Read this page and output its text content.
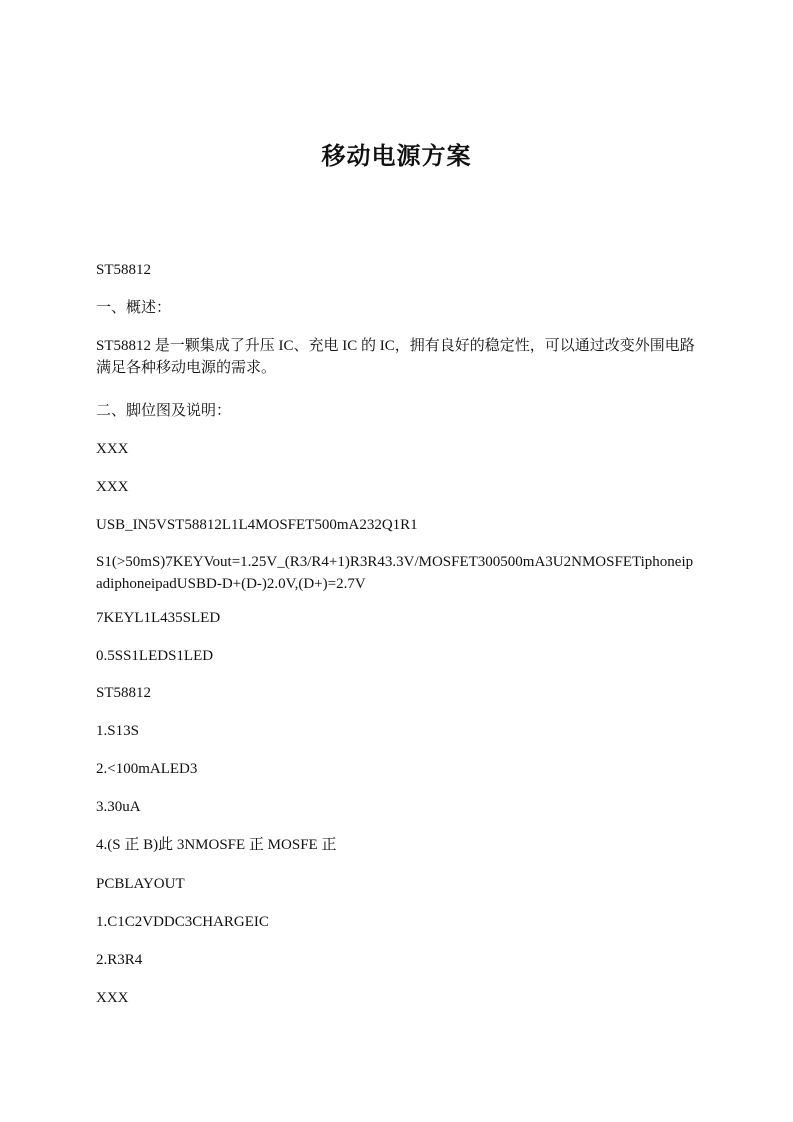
移动电源方案
ST58812
一、概述：
ST58812 是一颗集成了升压 IC、充电 IC 的 IC，拥有良好的稳定性，可以通过改变外围电路满足各种移动电源的需求。
二、脚位图及说明：
XXX
XXX
USB_IN5VST58812L1L4MOSFET500mA232Q1R1
S1(>50mS)7KEYVout=1.25V_(R3/R4+1)R3R43.3V/MOSFET300500mA3U2NMOSFETiphoneipadiphoneipadUSBD-D+(D-)2.0V,(D+)=2.7V
7KEYL1L435SLED
0.5SS1LEDS1LED
ST58812
1.S13S
2.<100mALED3
3.30uA
4.(S 正 B)此 3NMOSFE 正 MOSFE 正
PCBLAYOUT
1.C1C2VDDC3CHARGEIC
2.R3R4
XXX
